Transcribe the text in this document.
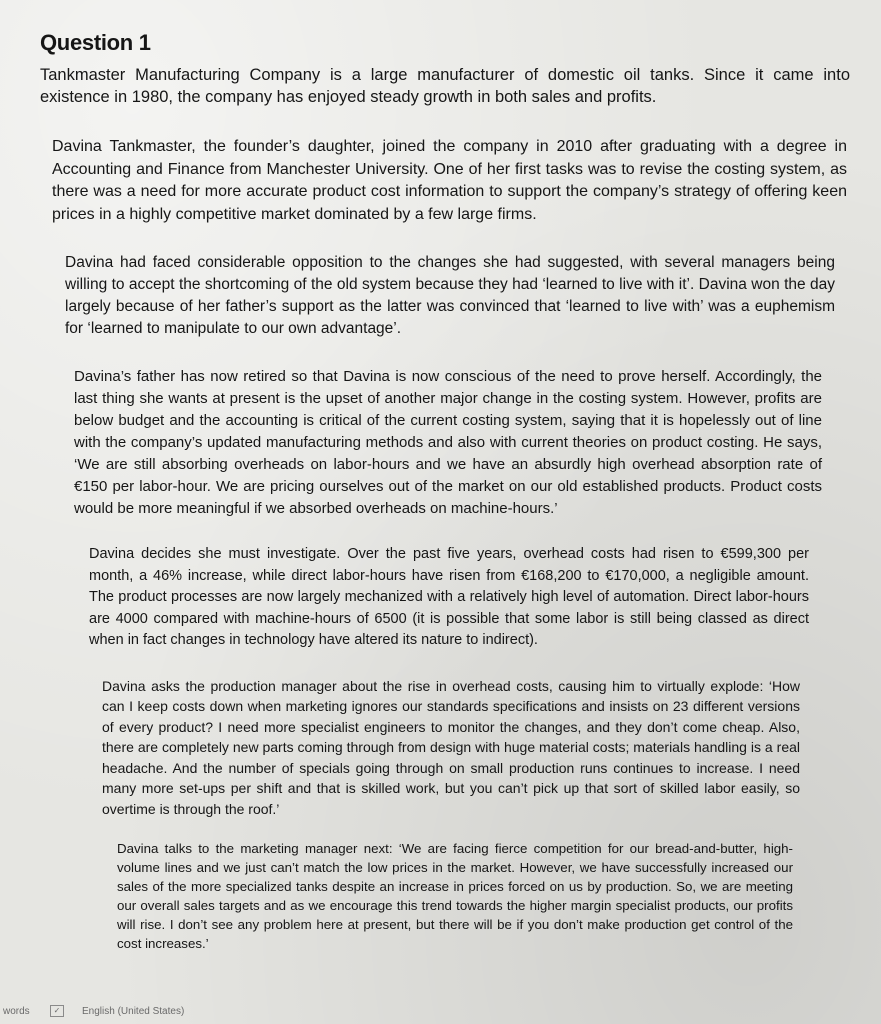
Question 1

Tankmaster Manufacturing Company is a large manufacturer of domestic oil tanks. Since it came into existence in 1980, the company has enjoyed steady growth in both sales and profits.

Davina Tankmaster, the founder’s daughter, joined the company in 2010 after graduating with a degree in Accounting and Finance from Manchester University. One of her first tasks was to revise the costing system, as there was a need for more accurate product cost information to support the company’s strategy of offering keen prices in a highly competitive market dominated by a few large firms.

Davina had faced considerable opposition to the changes she had suggested, with several managers being willing to accept the shortcoming of the old system because they had ‘learned to live with it’. Davina won the day largely because of her father’s support as the latter was convinced that ‘learned to live with’ was a euphemism for ‘learned to manipulate to our own advantage’.

Davina’s father has now retired so that Davina is now conscious of the need to prove herself. Accordingly, the last thing she wants at present is the upset of another major change in the costing system. However, profits are below budget and the accounting is critical of the current costing system, saying that it is hopelessly out of line with the company’s updated manufacturing methods and also with current theories on product costing. He says, ‘We are still absorbing overheads on labor-hours and we have an absurdly high overhead absorption rate of €150 per labor-hour. We are pricing ourselves out of the market on our old established products. Product costs would be more meaningful if we absorbed overheads on machine-hours.’

Davina decides she must investigate. Over the past five years, overhead costs had risen to €599,300 per month, a 46% increase, while direct labor-hours have risen from €168,200 to €170,000, a negligible amount. The product processes are now largely mechanized with a relatively high level of automation. Direct labor-hours are 4000 compared with machine-hours of 6500 (it is possible that some labor is still being classed as direct when in fact changes in technology have altered its nature to indirect).

Davina asks the production manager about the rise in overhead costs, causing him to virtually explode: ‘How can I keep costs down when marketing ignores our standards specifications and insists on 23 different versions of every product? I need more specialist engineers to monitor the changes, and they don’t come cheap. Also, there are completely new parts coming through from design with huge material costs; materials handling is a real headache. And the number of specials going through on small production runs continues to increase. I need many more set-ups per shift and that is skilled work, but you can’t pick up that sort of skilled labor easily, so overtime is through the roof.’

Davina talks to the marketing manager next: ‘We are facing fierce competition for our bread-and-butter, high-volume lines and we just can’t match the low prices in the market. However, we have successfully increased our sales of the more specialized tanks despite an increase in prices forced on us by production. So, we are meeting our overall sales targets and as we encourage this trend towards the higher margin specialist products, our profits will rise. I don’t see any problem here at present, but there will be if you don’t make production get control of the cost increases.’

words	✓	English (United States)
